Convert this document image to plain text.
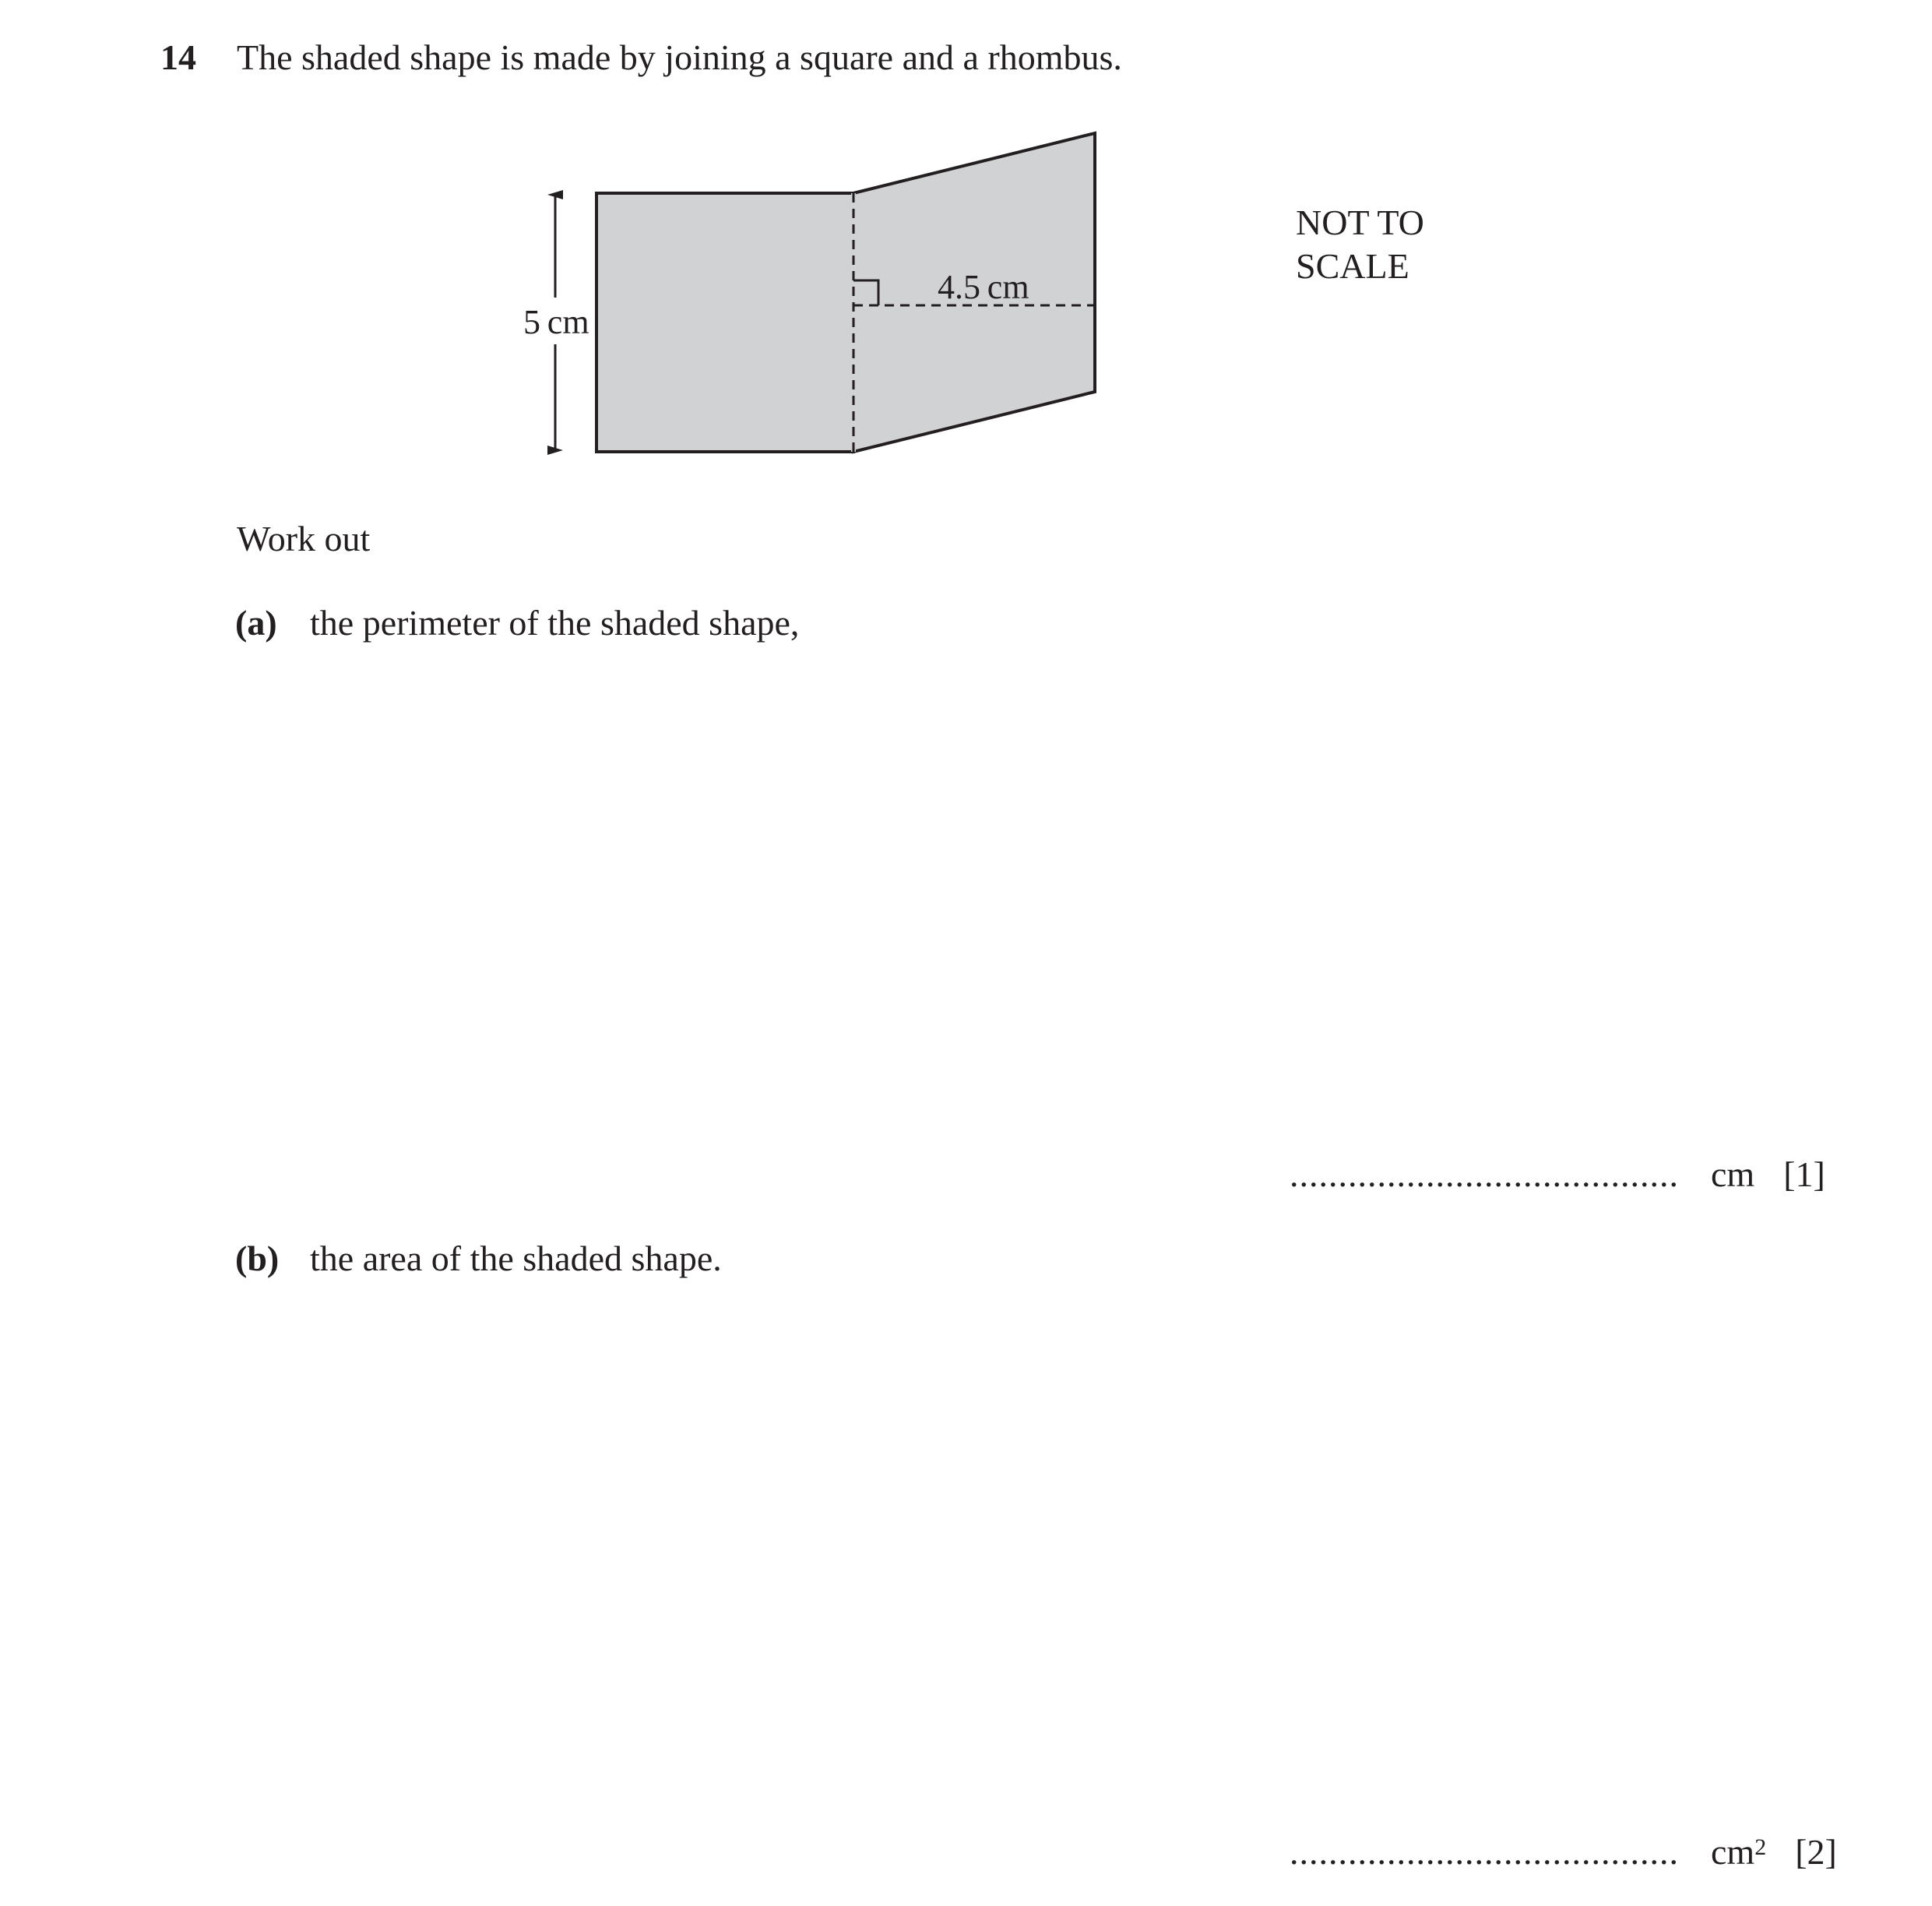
14 The shaded shape is made by joining a square and a rhombus.
5 cm
4.5 cm
NOT TO
SCALE
Work out
(a) the perimeter of the shaded shape,
........................................ cm [1]
(b) the area of the shaded shape.
........................................ $cm^2$ [2]
